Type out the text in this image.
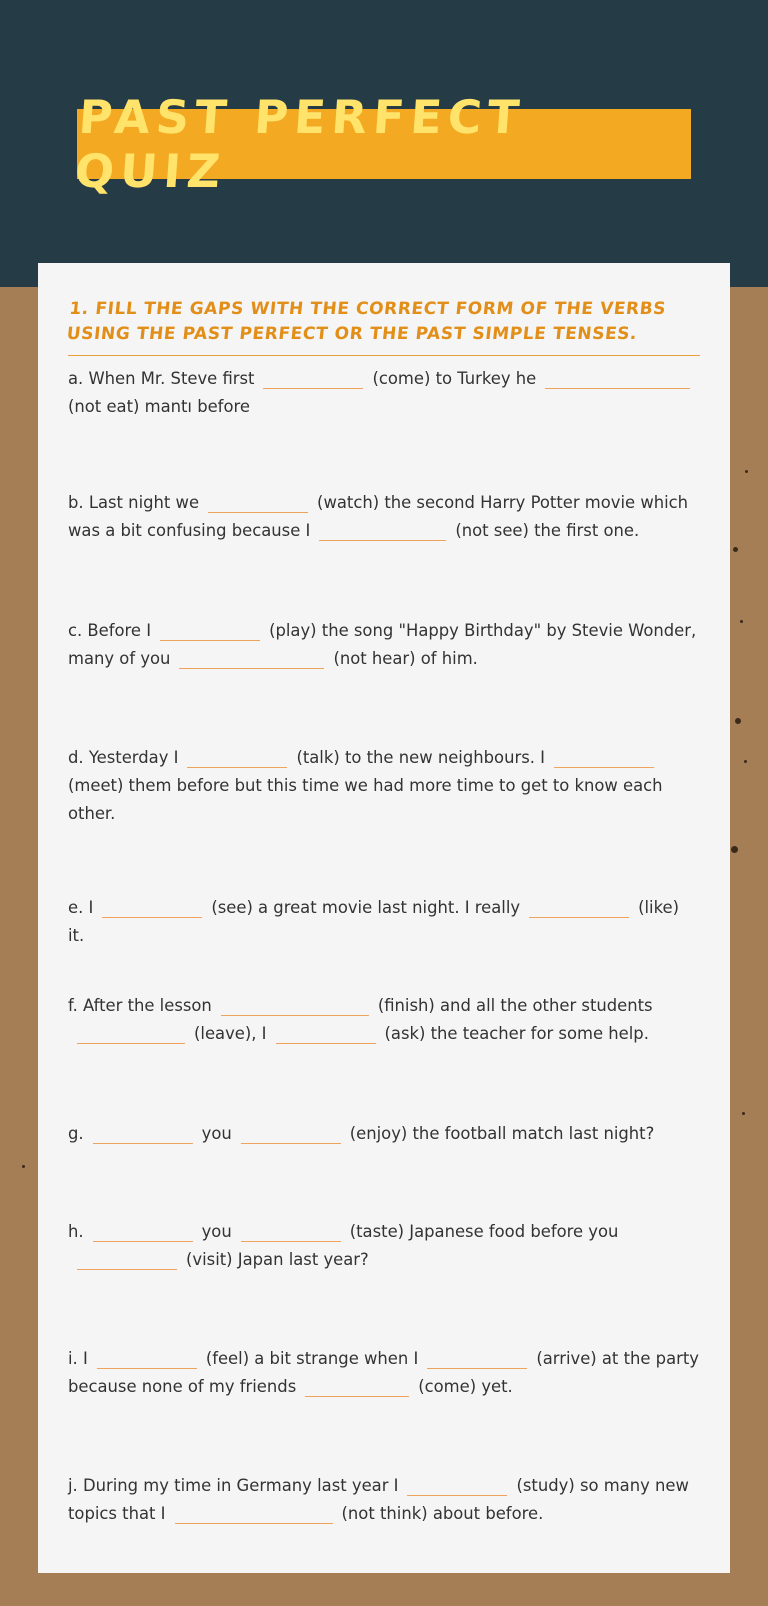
PAST PERFECT QUIZ
1. FILL THE GAPS WITH THE CORRECT FORM OF THE VERBS USING THE PAST PERFECT OR THE PAST SIMPLE TENSES.
a. When Mr. Steve first	(come) to Turkey he(not eat) mantı before
b. Last night we	(watch) the second Harry Potter movie which was a bit confusing because I	(not see) the first one.
c. Before I	(play) the song "Happy Birthday" by Stevie Wonder, many of you	(not hear) of him.
d. Yesterday I	(talk) to the new neighbours. I(meet) them before but this time we had more time to get to know each other.
e. I	(see) a great movie last night. I really	(like) it.
f. After the lesson	(finish) and all the other students(leave), I	(ask) the teacher for some help.
g.	you	(enjoy) the football match last night?
h.	you	(taste) Japanese food before you(visit) Japan last year?
i. I	(feel) a bit strange when I	(arrive) at the party because none of my friends	(come) yet.
j. During my time in Germany last year I	(study) so many new topics that I	(not think) about before.
